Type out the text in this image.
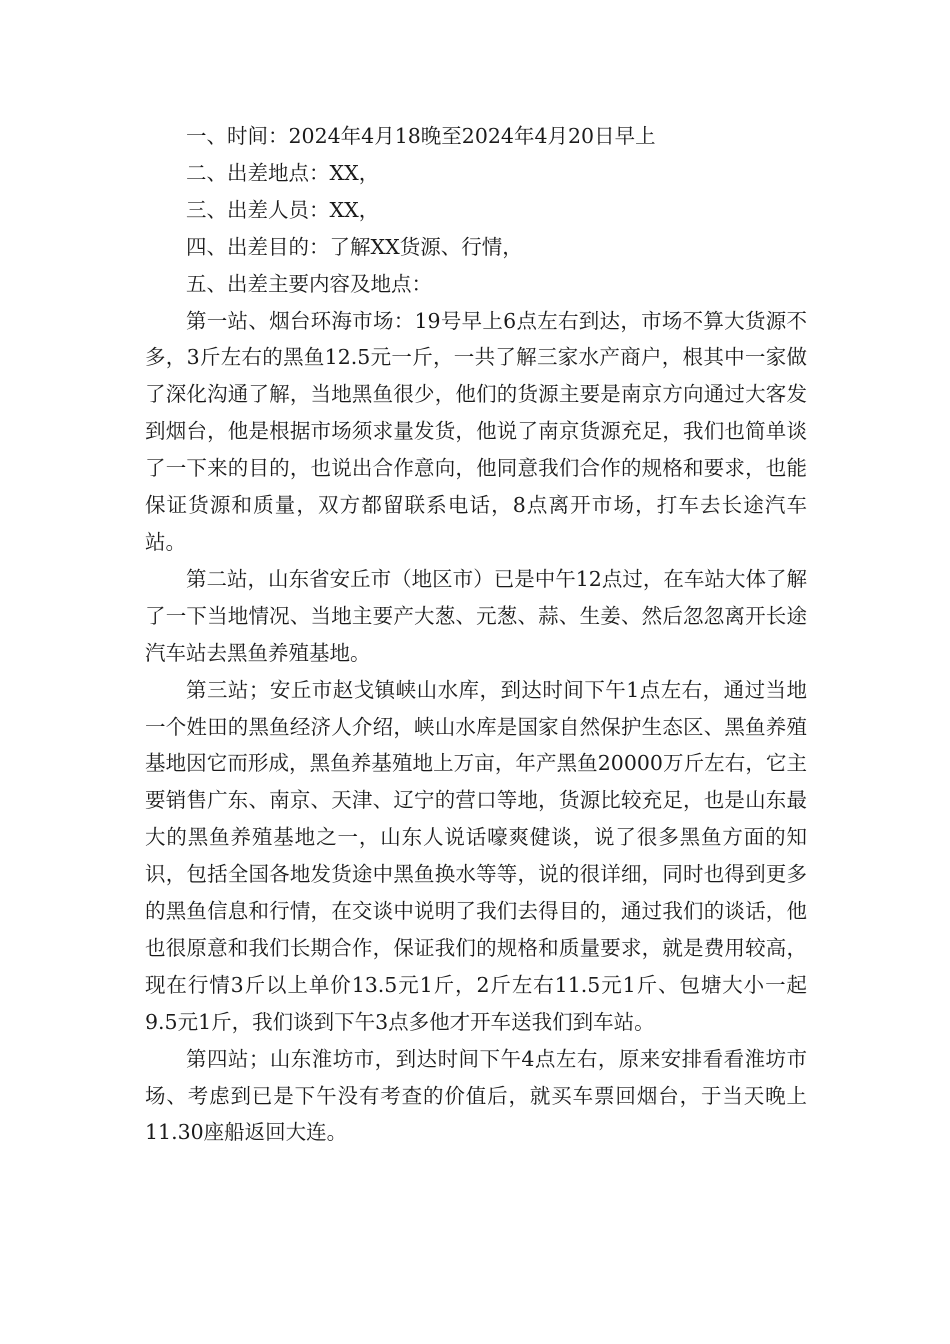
一、时间：2024年4月18晚至2024年4月20日早上

二、出差地点：XX，

三、出差人员：XX，

四、出差目的：了解XX货源、行情，

五、出差主要内容及地点：

第一站、烟台环海市场：19号早上6点左右到达，市场不算大货源不多，3斤左右的黑鱼12.5元一斤，一共了解三家水产商户，根其中一家做了深化沟通了解，当地黑鱼很少，他们的货源主要是南京方向通过大客发到烟台，他是根据市场须求量发货，他说了南京货源充足，我们也简单谈了一下来的目的，也说出合作意向，他同意我们合作的规格和要求，也能保证货源和质量，双方都留联系电话，8点离开市场，打车去长途汽车站。

第二站，山东省安丘市（地区市）已是中午12点过，在车站大体了解了一下当地情况、当地主要产大葱、元葱、蒜、生姜、然后忽忽离开长途汽车站去黑鱼养殖基地。

第三站；安丘市赵戈镇峡山水库，到达时间下午1点左右，通过当地一个姓田的黑鱼经济人介绍，峡山水库是国家自然保护生态区、黑鱼养殖基地因它而形成，黑鱼养基殖地上万亩，年产黑鱼20000万斤左右，它主要销售广东、南京、天津、辽宁的营口等地，货源比较充足，也是山东最大的黑鱼养殖基地之一，山东人说话嚎爽健谈，说了很多黑鱼方面的知识，包括全国各地发货途中黑鱼换水等等，说的很详细，同时也得到更多的黑鱼信息和行情，在交谈中说明了我们去得目的，通过我们的谈话，他也很原意和我们长期合作，保证我们的规格和质量要求，就是费用较高，现在行情3斤以上单价13.5元1斤，2斤左右11.5元1斤、包塘大小一起9.5元1斤，我们谈到下午3点多他才开车送我们到车站。

第四站；山东淮坊市，到达时间下午4点左右，原来安排看看淮坊市场、考虑到已是下午没有考查的价值后，就买车票回烟台，于当天晚上11.30座船返回大连。
